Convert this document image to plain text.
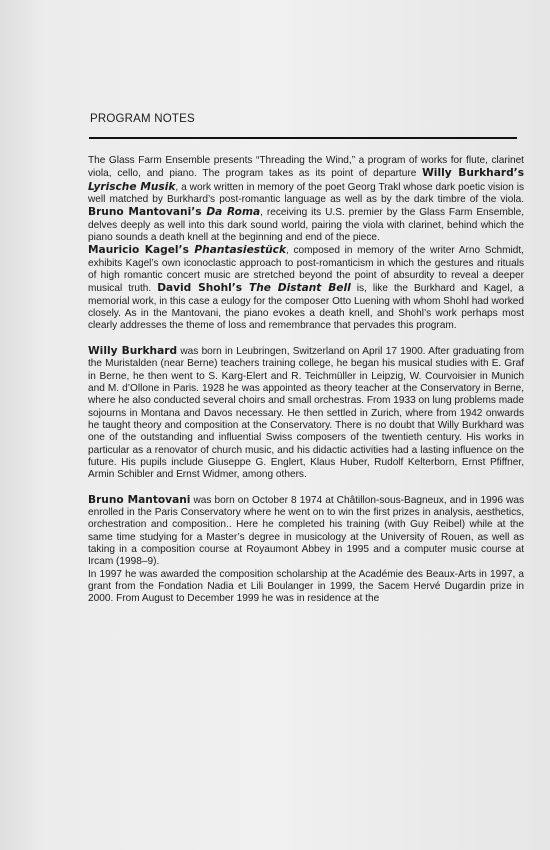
PROGRAM NOTES

The Glass Farm Ensemble presents “Threading the Wind,” a program of works for flute, clarinet viola, cello, and piano. The program takes as its point of departure Willy Burkhard’s Lyrische Musik, a work written in memory of the poet Georg Trakl whose dark poetic vision is well matched by Burkhard’s post-romantic language as well as by the dark timbre of the viola. Bruno Mantovani’s Da Roma, receiving its U.S. premier by the Glass Farm Ensemble, delves deeply as well into this dark sound world, pairing the viola with clarinet, behind which the piano sounds a death knell at the beginning and end of the piece.

Mauricio Kagel’s Phantasiestück, composed in memory of the writer Arno Schmidt, exhibits Kagel’s own iconoclastic approach to post-romanticism in which the gestures and rituals of high romantic concert music are stretched beyond the point of absurdity to reveal a deeper musical truth. David Shohl’s The Distant Bell is, like the Burkhard and Kagel, a memorial work, in this case a eulogy for the composer Otto Luening with whom Shohl had worked closely. As in the Mantovani, the piano evokes a death knell, and Shohl’s work perhaps most clearly addresses the theme of loss and remembrance that pervades this program.

Willy Burkhard was born in Leubringen, Switzerland on April 17 1900. After graduating from the Muristalden (near Berne) teachers training college, he began his musical studies with E. Graf in Berne, he then went to S. Karg-Elert and R. Teichmüller in Leipzig, W. Courvoisier in Munich and M. d’Ollone in Paris. 1928 he was appointed as theory teacher at the Conservatory in Berne, where he also conducted several choirs and small orchestras. From 1933 on lung problems made sojourns in Montana and Davos necessary. He then settled in Zurich, where from 1942 onwards he taught theory and composition at the Conservatory. There is no doubt that Willy Burkhard was one of the outstanding and influential Swiss composers of the twentieth century. His works in particular as a renovator of church music, and his didactic activities had a lasting influence on the future. His pupils include Giuseppe G. Englert, Klaus Huber, Rudolf Kelterborn, Ernst Pfiffner, Armin Schibler and Ernst Widmer, among others.

Bruno Mantovani was born on October 8 1974 at Châtillon-sous-Bagneux, and in 1996 was enrolled in the Paris Conservatory where he went on to win the first prizes in analysis, aesthetics, orchestration and composition.. Here he completed his training (with Guy Reibel) while at the same time studying for a Master’s degree in musicology at the University of Rouen, as well as taking in a composition course at Royaumont Abbey in 1995 and a computer music course at Ircam (1998–9).

In 1997 he was awarded the composition scholarship at the Académie des Beaux-Arts in 1997, a grant from the Fondation Nadia et Lili Boulanger in 1999, the Sacem Hervé Dugardin prize in 2000. From August to December 1999 he was in residence at the
